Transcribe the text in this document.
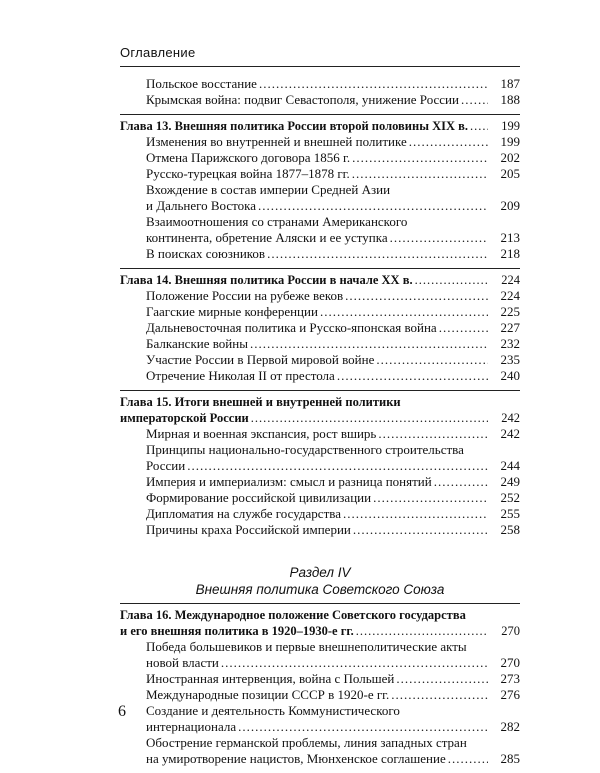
Оглавление
Польское восстание .....	187
Крымская война: подвиг Севастополя, унижение России .....	188
Глава 13. Внешняя политика России второй половины XIX в. .....	199
Изменения во внутренней и внешней политике .....	199
Отмена Парижского договора 1856 г. .....	202
Русско-турецкая война 1877–1878 гг. .....	205
Вхождение в состав империи Средней Азии
и Дальнего Востока .....	209
Взаимоотношения со странами Американского
континента, обретение Аляски и ее уступка .....	213
В поисках союзников .....	218
Глава 14. Внешняя политика России в начале XX в. .....	224
Положение России на рубеже веков .....	224
Гаагские мирные конференции .....	225
Дальневосточная политика и Русско-японская война .....	227
Балканские войны .....	232
Участие России в Первой мировой войне .....	235
Отречение Николая II от престола .....	240
Глава 15. Итоги внешней и внутренней политики
императорской России .....	242
Мирная и военная экспансия, рост вширь .....	242
Принципы национально-государственного строительства
России .....	244
Империя и империализм: смысл и разница понятий .....	249
Формирование российской цивилизации .....	252
Дипломатия на службе государства .....	255
Причины краха Российской империи .....	258
Раздел IV
Внешняя политика Советского Союза
Глава 16. Международное положение Советского государства
и его внешняя политика в 1920–1930-е гг. .....	270
Победа большевиков и первые внешнеполитические акты
новой власти .....	270
Иностранная интервенция, война с Польшей .....	273
Международные позиции СССР в 1920-е гг. .....	276
Создание и деятельность Коммунистического
интернационала .....	282
Обострение германской проблемы, линия западных стран
на умиротворение нацистов, Мюнхенское соглашение .....	285
6
